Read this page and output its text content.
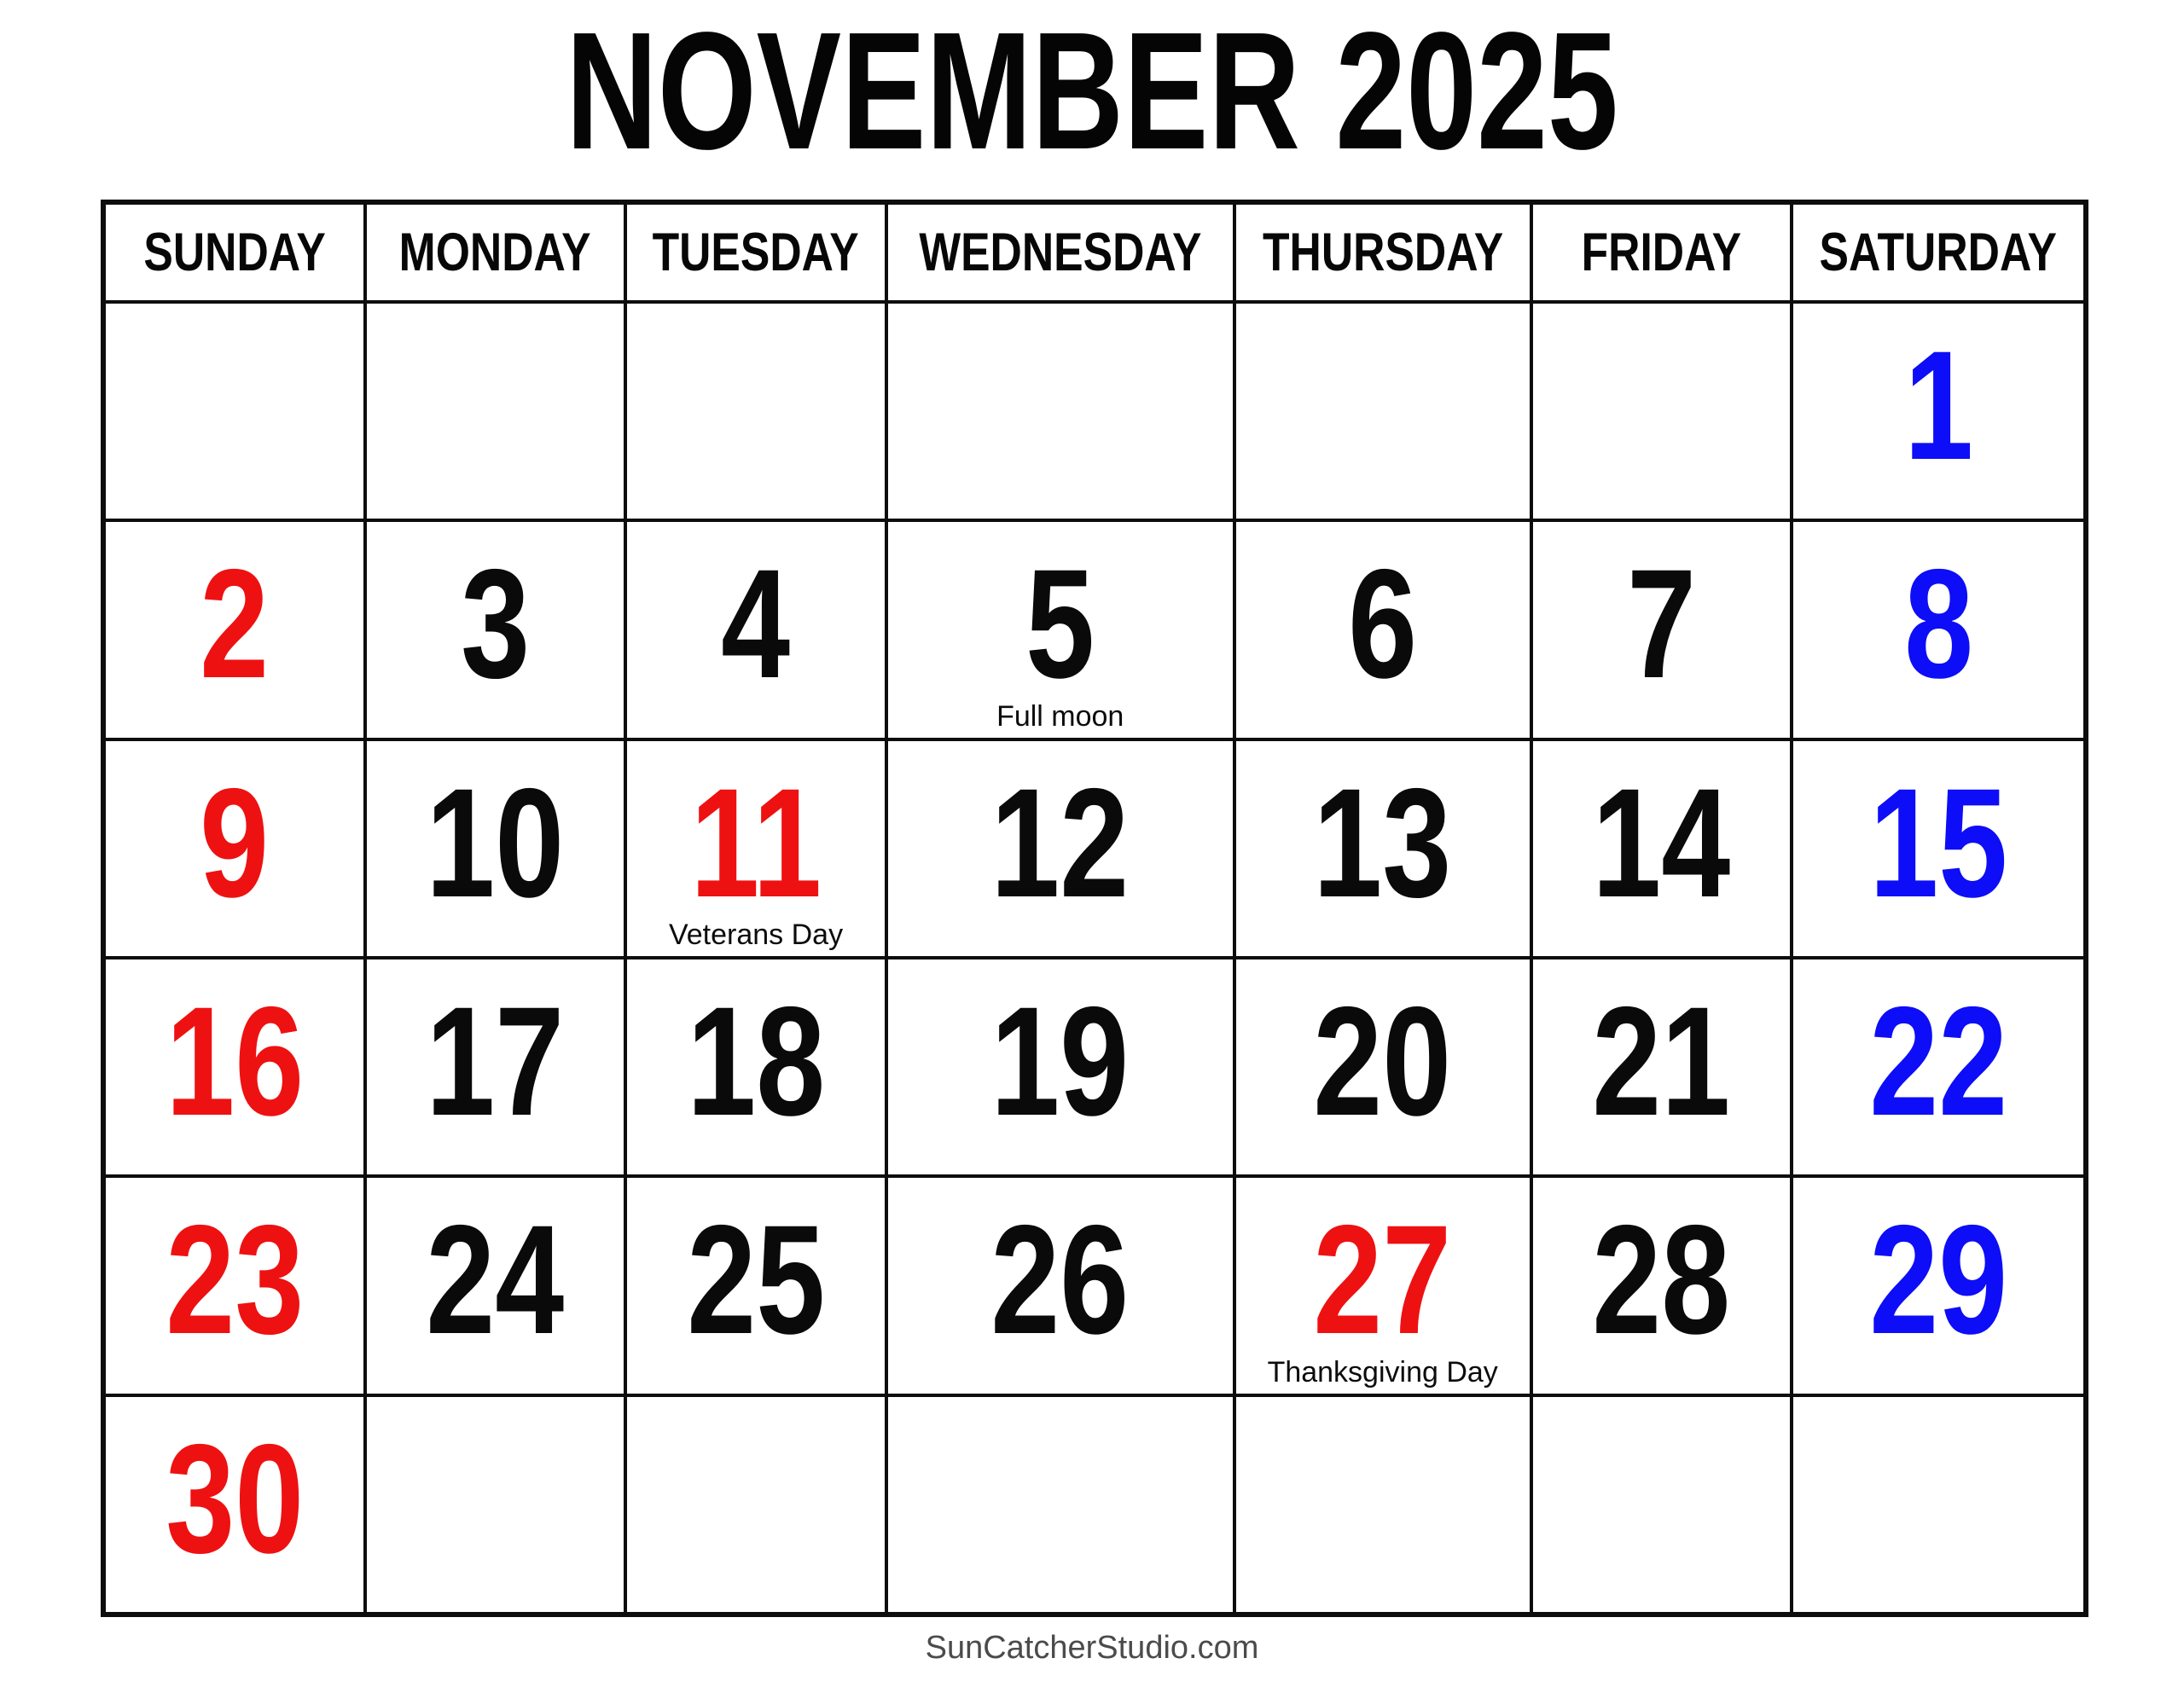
NOVEMBER 2025
SUNDAY MONDAY TUESDAY WEDNESDAY THURSDAY FRIDAY SATURDAY
1
2 3 4 5
Full moon
6 7 8
9 10 11
Veterans Day
12 13 14 15
16 17 18 19 20 21 22
23 24 25 26 27
Thanksgiving Day
28 29
30
SunCatcherStudio.com
